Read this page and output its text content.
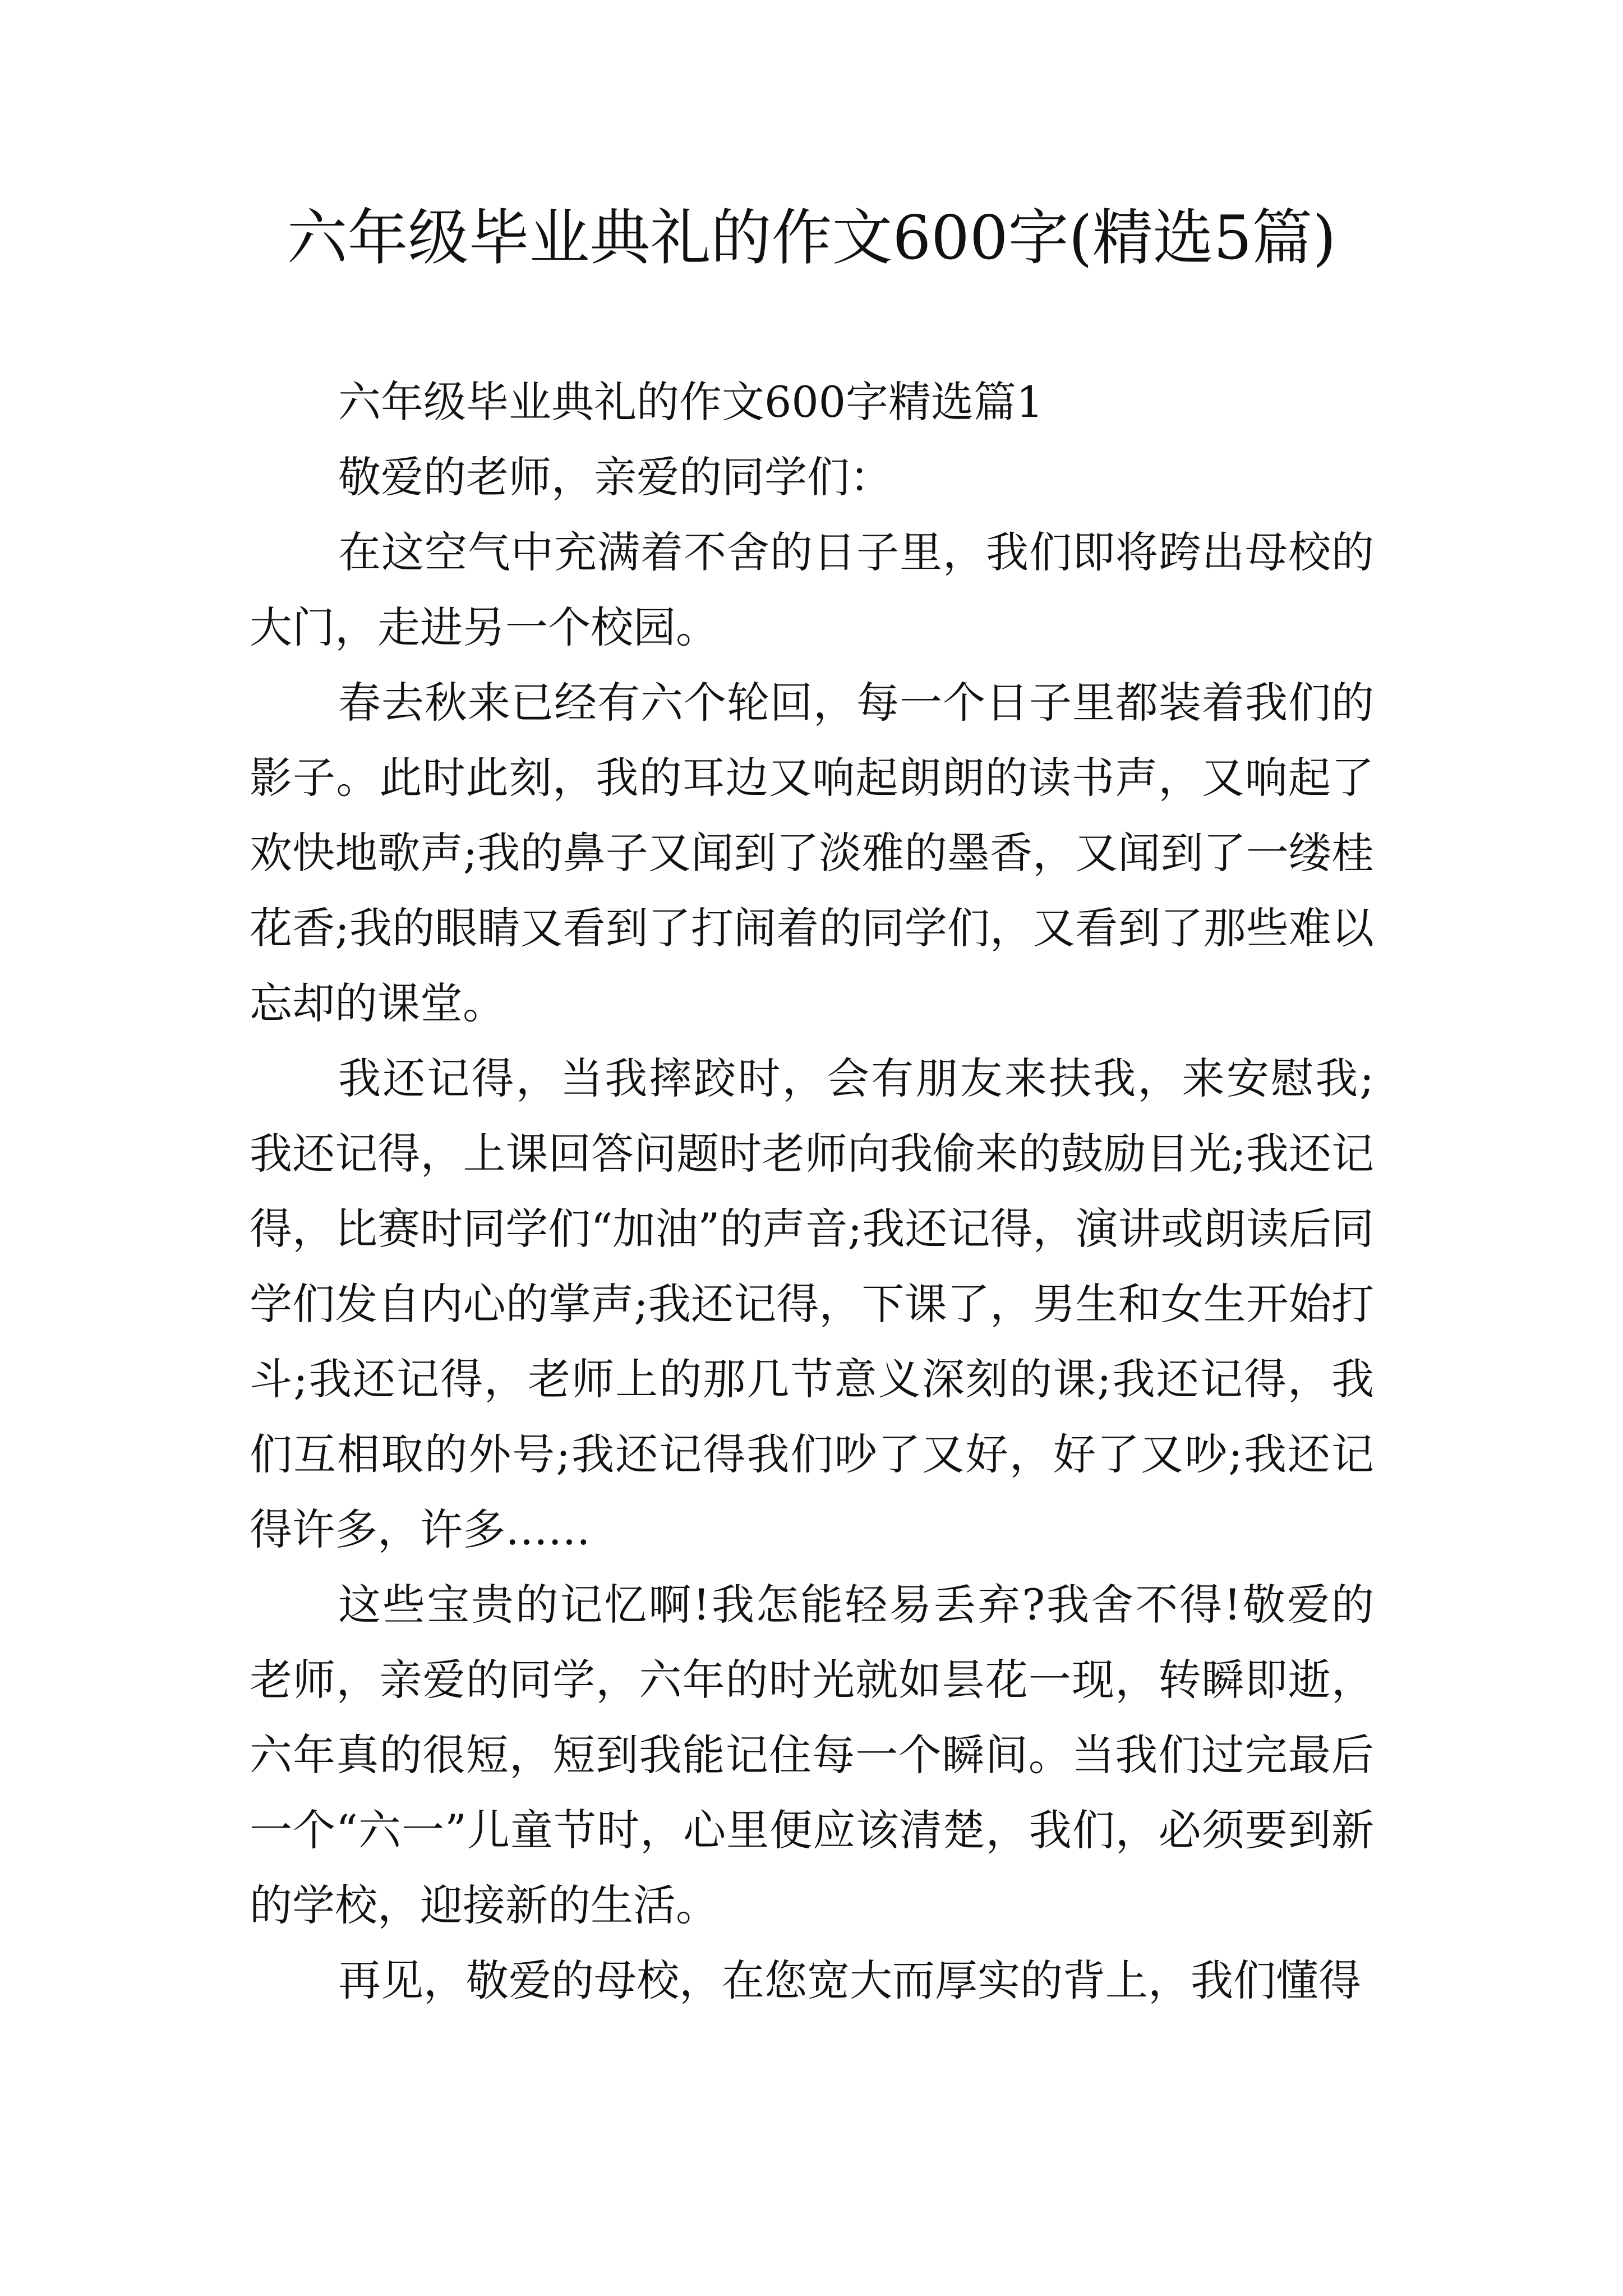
六年级毕业典礼的作文600字(精选5篇)

六年级毕业典礼的作文600字精选篇1

敬爱的老师，亲爱的同学们：

在这空气中充满着不舍的日子里，我们即将跨出母校的大门，走进另一个校园。

春去秋来已经有六个轮回，每一个日子里都装着我们的影子。此时此刻，我的耳边又响起朗朗的读书声，又响起了欢快地歌声;我的鼻子又闻到了淡雅的墨香，又闻到了一缕桂花香;我的眼睛又看到了打闹着的同学们，又看到了那些难以忘却的课堂。

我还记得，当我摔跤时，会有朋友来扶我，来安慰我;我还记得，上课回答问题时老师向我偷来的鼓励目光;我还记得，比赛时同学们“加油”的声音;我还记得，演讲或朗读后同学们发自内心的掌声;我还记得，下课了，男生和女生开始打斗;我还记得，老师上的那几节意义深刻的课;我还记得，我们互相取的外号;我还记得我们吵了又好，好了又吵;我还记得许多，许多……

这些宝贵的记忆啊!我怎能轻易丢弃?我舍不得!敬爱的老师，亲爱的同学，六年的时光就如昙花一现，转瞬即逝，六年真的很短，短到我能记住每一个瞬间。当我们过完最后一个“六一”儿童节时，心里便应该清楚，我们，必须要到新的学校，迎接新的生活。

再见，敬爱的母校，在您宽大而厚实的背上，我们懂得
